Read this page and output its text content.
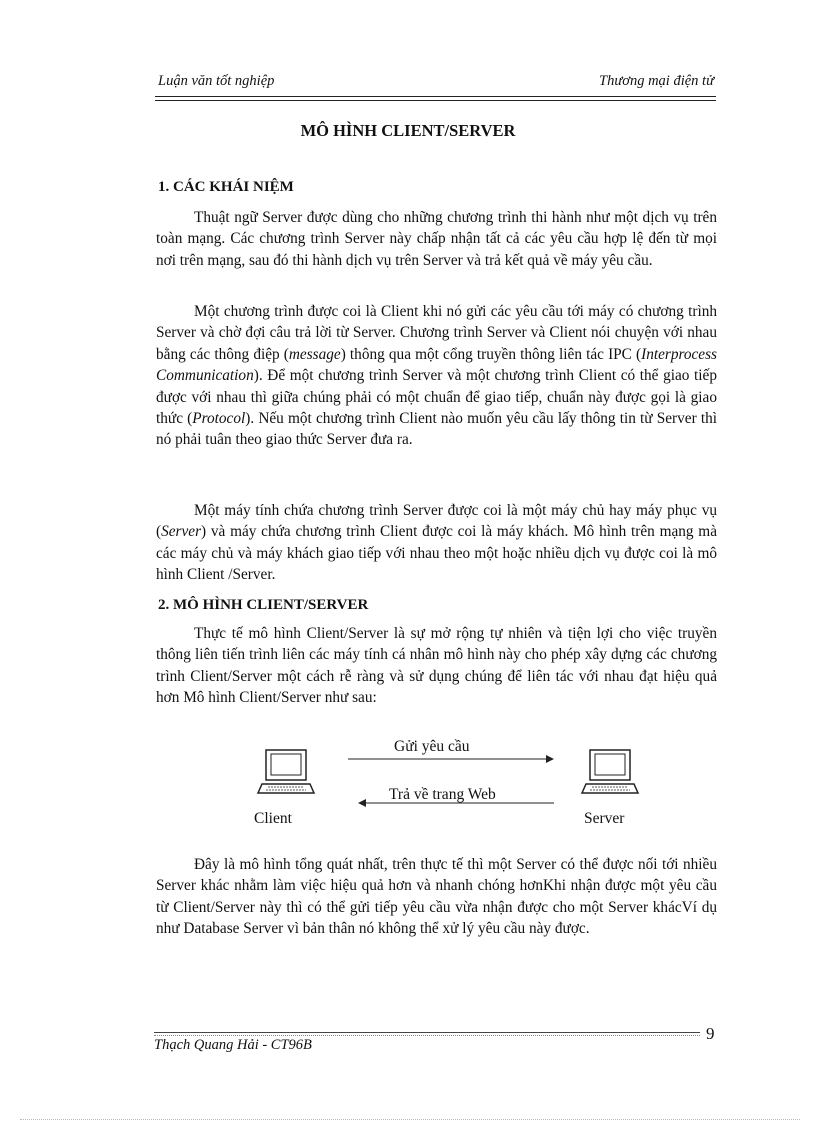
Luận văn tốt nghiệp	Thương mại điện tử
MÔ HÌNH CLIENT/SERVER
1. CÁC KHÁI NIỆM

Thuật ngữ Server được dùng cho những chương trình thi hành như một dịch vụ trên toàn mạng. Các chương trình Server này chấp nhận tất cả các yêu cầu hợp lệ đến từ mọi nơi trên mạng, sau đó thi hành dịch vụ trên Server và trả kết quả về máy yêu cầu.

Một chương trình được coi là Client khi nó gửi các yêu cầu tới máy có chương trình Server và chờ đợi câu trả lời từ Server. Chương trình Server và Client nói chuyện với nhau bằng các thông điệp (message) thông qua một cổng truyền thông liên tác IPC (Interprocess Communication). Để một chương trình Server và một chương trình Client có thể giao tiếp được với nhau thì giữa chúng phải có một chuẩn để giao tiếp, chuẩn này được gọi là giao thức (Protocol). Nếu một chương trình Client nào muốn yêu cầu lấy thông tin từ Server thì nó phải tuân theo giao thức Server đưa ra.

Một máy tính chứa chương trình Server được coi là một máy chủ hay máy phục vụ (Server) và máy chứa chương trình Client được coi là máy khách. Mô hình trên mạng mà các máy chủ và máy khách giao tiếp với nhau theo một hoặc nhiều dịch vụ được coi là mô hình Client /Server.

2. MÔ HÌNH CLIENT/SERVER

Thực tế mô hình Client/Server là sự mở rộng tự nhiên và tiện lợi cho việc truyền thông liên tiến trình liên các máy tính cá nhân mô hình này cho phép xây dựng các chương trình Client/Server một cách rễ ràng và sử dụng chúng để liên tác với nhau đạt hiệu quả hơn Mô hình Client/Server như sau:

Gửi yêu cầu
Trả về trang Web
Client	Server

Đây là mô hình tổng quát nhất, trên thực tế thì một Server có thể được nối tới nhiều Server khác nhằm làm việc hiệu quả hơn và nhanh chóng hơnKhi nhận được một yêu cầu từ Client/Server này thì có thể gửi tiếp yêu cầu vừa nhận được cho một Server khácVí dụ như Database Server vì bản thân nó không thể xử lý yêu cầu này được.

9
Thạch Quang Hải - CT96B
